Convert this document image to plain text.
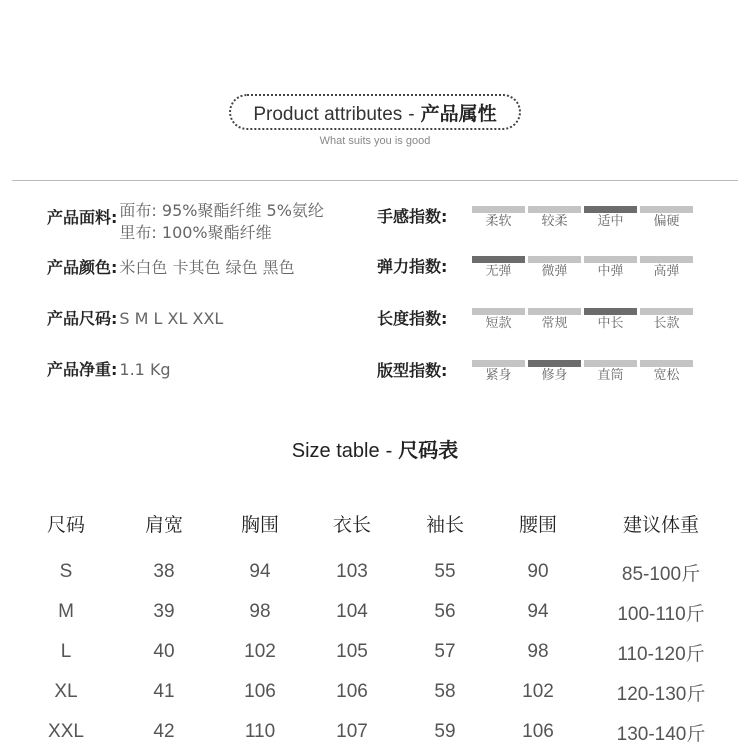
Product attributes - 产品属性
What suits you is good
产品面料: 面布: 95%聚酯纤维 5%氨纶
里布: 100%聚酯纤维
产品颜色: 米白色 卡其色 绿色 黑色
产品尺码: S M L XL XXL
产品净重: 1.1 Kg
手感指数:	柔软 较柔 适中 偏硬
弹力指数:	无弹 微弹 中弹 高弹
长度指数:	短款 常规 中长 长款
版型指数:	紧身 修身 直筒 宽松
Size table - 尺码表
尺码	肩宽	胸围	衣长	袖长	腰围	建议体重

S	38	94	103	55	90	85-100斤
M	39	98	104	56	94	100-110斤
L	40	102	105	57	98	110-120斤
XL	41	106	106	58	102	120-130斤
XXL	42	110	107	59	106	130-140斤
